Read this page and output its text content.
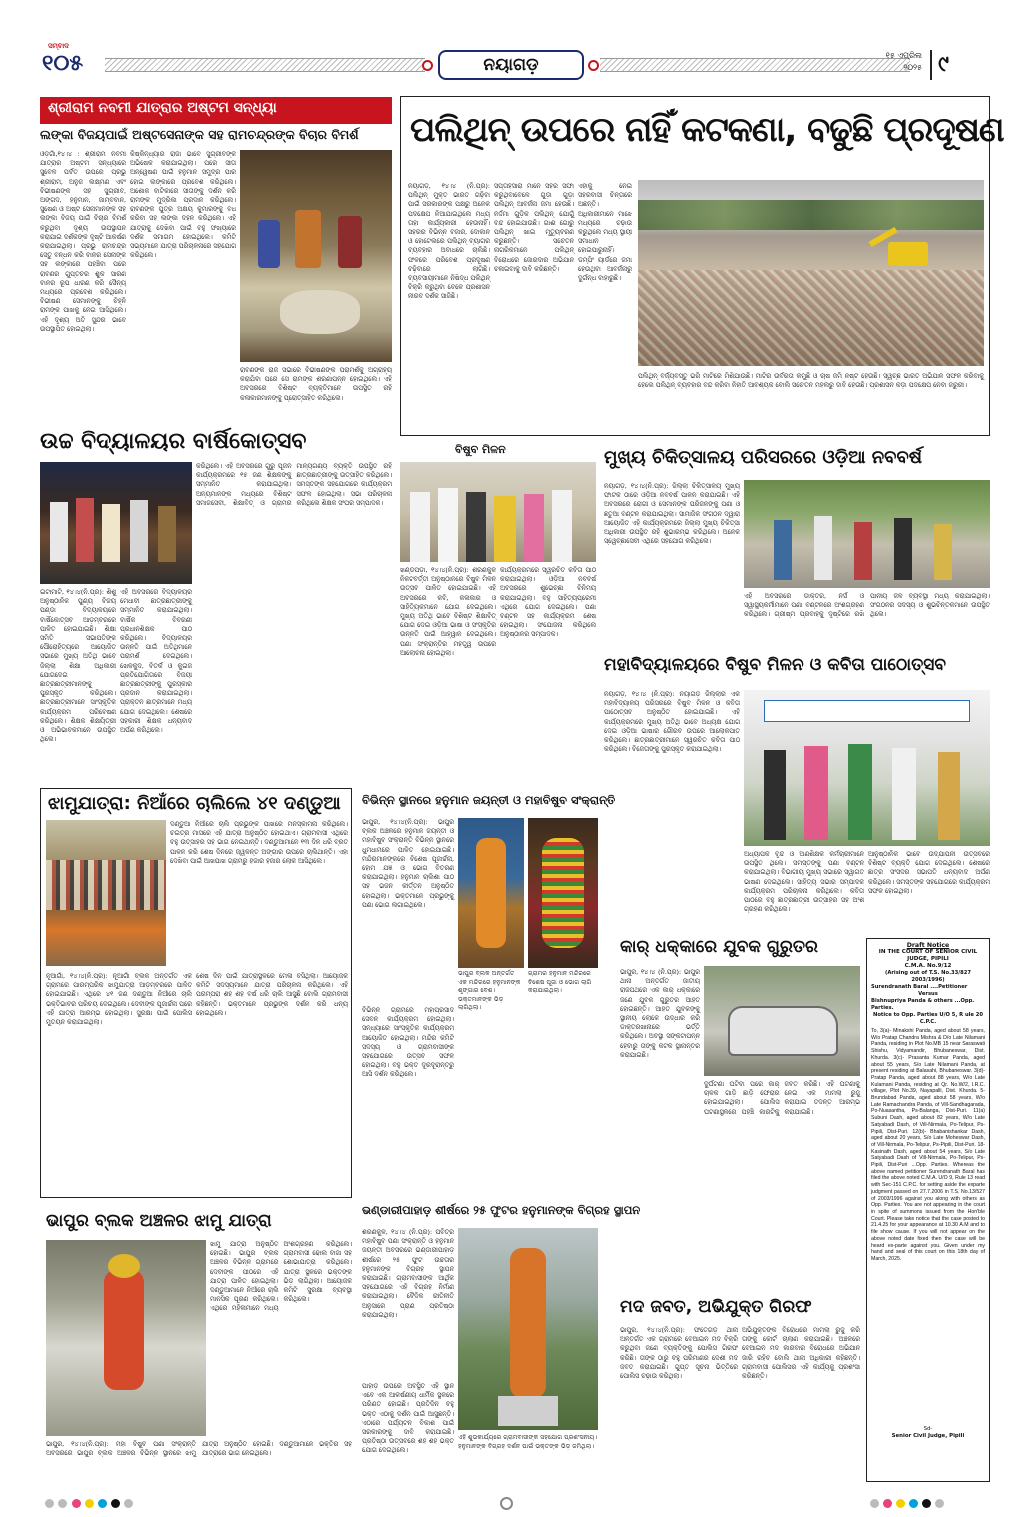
ସମ୍ବାଦ
୧୦୫	ନୟାଗଡ଼	୧୫ ଏପ୍ରିଲ
୨୦୨୫ ୯
ଶ୍ରୀରାମ ନବମୀ ଯାତ୍ରାର ଅଷ୍ଟମ ସନ୍ଧ୍ୟା
ଲଙ୍କା ବିଜୟପାଇଁ ଅଷ୍ଟସେନାଙ୍କ ସହ ରାମଚନ୍ଦ୍ରଙ୍କ ବିଚାର ବିମର୍ଶ
ଓଡ଼ଗାଁ,୧୪।୪ : ଶ୍ରୀରାମ ନବମୀ ଯାତ୍ରାର ଅଷ୍ଟମ ସନ୍ଧ୍ୟାରେ ସୁବେଳ ପର୍ବତ ଉପରେ ପ୍ରଭୁ ଶ୍ରୀରାମ, ଅନୁଜ ଲକ୍ଷ୍ମଣ ଏବଂ ବିଭୀଷଣଙ୍କ ସହ ସୁଗ୍ରୀବ, ଅଙ୍ଗଦ, ହନୁମାନ, ଜାମ୍ବବାନ, ସୁଷେଣ ଓ ଅଷ୍ଟ ସେନାମାନଙ୍କ ସହ ଲଙ୍କା ବିଜୟ ପାଇଁ ବିଚାର ବିମର୍ଶ କରୁଥିବା ଦୃଶ୍ୟ ଉପସ୍ଥାପନ କରାଯାଇ ଦର୍ଶକଙ୍କ ଦୃଷ୍ଟି ଆକର୍ଷଣ କରାଯାଇଥିଲା। ପ୍ରଭୁ ରାମଚନ୍ଦ୍ର ସେତୁ ବନ୍ଧନ କରି ବାନର ସେନାଙ୍କ ସହ ଲଙ୍କାରେ ପହଞ୍ଚିବା ପରେ ରାବଣର ଗୁପ୍ତଚର ଶୁକ ସାରଣ ବାନର ରୂପ ଧାରଣ କରି ସୈନ୍ୟ ମଧ୍ୟରେ ପ୍ରବେଶ କରିଥିଲେ। ବିଭୀଷଣ ସେମାନଙ୍କୁ ଚିହ୍ନି ରାମଙ୍କ ପାଖକୁ ନେଇ ଆସିଥିଲେ। ଏହି ଦୃଶ୍ୟ ଅତି ସୁନ୍ଦର ଭାବେ ଉପସ୍ଥାପିତ ହୋଇଥିଲା।
କିଷ୍କିନ୍ଧ୍ୟାର ରାଜା ଭାବେ ସୁଗ୍ରୀବଙ୍କ ଅଭିଷେକ କରାଯାଇଥିଲା। ପରେ ସୀତା ଅନ୍ୱେଷଣ ପାଇଁ ହନୁମାନ ସମୁଦ୍ର ପାର ହୋଇ ଲଙ୍କାରେ ପ୍ରବେଶ କରିଥିଲେ। ଅଶୋକ ବାଟିକାରେ ସୀତାଙ୍କୁ ଦର୍ଶନ କରି ରାମଙ୍କ ମୁଦ୍ରିକା ପ୍ରଦାନ କରିଥିଲେ। ରାବଣଙ୍କ ପୁତ୍ର ଅକ୍ଷୟ କୁମାରଙ୍କୁ ବଧ କରିବା ସହ ଲଙ୍କା ଦହନ କରିଥିଲେ। ଏହି ଯାତ୍ରାକୁ ଦେଖିବା ପାଇଁ ବହୁ ସଂଖ୍ୟାରେ ଦର୍ଶକ ସମାଗମ ହୋଇଥିଲେ। କମିଟି ସଭ୍ୟମାନେ ଯାତ୍ରା ପରିଚାଳନାରେ ସହଯୋଗ କରିଥିଲେ।
ରାବଣଙ୍କ ରାଜ ସଭାରେ ବିଭୀଷଣଙ୍କ ପରାମର୍ଶକୁ ଅଗ୍ରାହ୍ୟ କରାଯିବା ପରେ ସେ ରାମଙ୍କ ଶରଣାପନ୍ନ ହୋଇଥିଲେ। ଏହି ଅବସରରେ ବିଶିଷ୍ଟ ବ୍ୟକ୍ତିମାନେ ଉପସ୍ଥିତ ରହି କଳାକାରମାନଙ୍କୁ ପ୍ରୋତ୍ସାହିତ କରିଥିଲେ।
ପଲିଥିନ୍ ଉପରେ ନାହିଁ କଟକଣା, ବଢୁଛି ପ୍ରଦୂଷଣ
ନୟାଗଡ଼, ୧୪।୪ (ନି.ପ୍ର): ପଲିଥିନ୍ ମୁକ୍ତ ଭାରତ ଗଢ଼ିବା ପାଇଁ ସରକାରଙ୍କ ପକ୍ଷରୁ ଅନେକ ପଦକ୍ଷେପ ନିଆଯାଇଥିଲେ ମଧ୍ୟ ତାହା କାର୍ଯ୍ୟକାରୀ ହେଉନାହିଁ। ସହରର ବିଭିନ୍ନ ବଜାର, ଦୋକାନ ଓ ହୋଟେଲରେ ପଲିଥିନ୍ ବ୍ୟାଗର ବ୍ୟବହାର ଅବାଧରେ ଚାଲିଛି। ଫଳରେ ପରିବେଶ ପ୍ରଦୂଷଣ ବଢ଼ିବାରେ ଲାଗିଛି। ବ୍ୟବସାୟୀମାନେ ନିଷିଦ୍ଧ ପଲିଥିନ୍ ବିକ୍ରି କରୁଥିବା ବେଳେ ପ୍ରଶାସନ ନୀରବ ଦର୍ଶକ ସାଜିଛି।
ସପ୍ତାହସାରା ମାନେ ସହର ସଫା କରୁଥିବାବେଳେ ଗୁଡ଼ା ଗୁଡ଼ା ପଲିଥିନ୍ ଆବର୍ଜନା ଜମା ହେଉଛି। ନର୍ଦ୍ଦମା ଗୁଡ଼ିକ ପଲିଥିନ୍ ଯୋଗୁଁ ବନ୍ଦ ହୋଇଯାଉଛି। ଗାଈ ଗୋରୁ ପଲିଥିନ୍ ଖାଇ ମୃତ୍ୟୁବରଣ କରୁଛନ୍ତି। ସଚେତନ ନାଗରିକମାନେ ପଲିଥିନ୍ ବିରୋଧରେ ଜୋରଦାର ଅଭିଯାନ ଚଳାଇବାକୁ ଦାବି କରିଛନ୍ତି।
ଏହାକୁ ନେଇ ସହରବାସୀ ଚିନ୍ତାରେ ଅଛନ୍ତି। ଅଧିକାରୀମାନେ ମାଝେ ମଧ୍ୟରେ ଚଢ଼ାଉ କରୁଥିଲେ ମଧ୍ୟ ସ୍ଥାୟୀ ସମାଧାନ ହୋଇପାରୁନାହିଁ। ଡମ୍ପିଂ ୟାର୍ଡରେ ଜମା ହେଉଥିବା ଆବର୍ଜନାରୁ ଦୁର୍ଗନ୍ଧ ବାହାରୁଛି।
ପଲିଥିନ୍ ବର୍ଜ୍ୟବସ୍ତୁ ଭରି ମାଟିରେ ମିଶିଯାଉଛି। ମାଟିର ଉର୍ବରତା କମୁଛି ଓ ଚାଷ ଜମି ନଷ୍ଟ ହେଉଛି। ସ୍ୱଚ୍ଛ ଭାରତ ଅଭିଯାନ ସଫଳ କରିବାକୁ ହେଲେ ପଲିଥିନ୍ ବ୍ୟବହାର ବନ୍ଦ କରିବା ନିହାତି ଆବଶ୍ୟକ ବୋଲି ସଚେତନ ମହଲରୁ ଦାବି ହେଉଛି। ପ୍ରଶାସନ କଡ଼ା ପଦକ୍ଷେପ ନେବା ଜରୁରୀ।
ଉଚ୍ଚ ବିଦ୍ୟାଳୟର ବାର୍ଷିକୋତ୍ସବ
ଇଟାମାଟି, ୧୪।୪(ନି.ପ୍ର): ଶିଶୁ ଅନୁଷ୍ଠାନିକ ପୁଣ୍ୟ ବିଜୟ ପଣ୍ଡା ବିଦ୍ୟାଳୟରେ ବାର୍ଷିକୋତ୍ସବ ଆଡ଼ମ୍ବରରେ ପାଳିତ ହୋଇଯାଇଛି। ଶିକ୍ଷା ସମିତି ସଭାପତିଙ୍କ ପୌରୋହିତ୍ୟରେ ଆୟୋଜିତ ସଭାରେ ମୁଖ୍ୟ ଅତିଥି ଭାବେ ଜିଲ୍ଲା ଶିକ୍ଷା ଅଧିକାରୀ ଯୋଗଦେଇ ଛାତ୍ରଛାତ୍ରୀମାନଙ୍କୁ ପୁରସ୍କୃତ କରିଥିଲେ। ଛାତ୍ରଛାତ୍ରୀମାନେ ସାଂସ୍କୃତିକ କାର୍ଯ୍ୟକ୍ରମ ପରିବେଷଣ କରିଥିଲେ। ଶିକ୍ଷକ ଶିକ୍ଷୟିତ୍ରୀ ଓ ଅଭିଭାବକମାନେ ଉପସ୍ଥିତ ଥିଲେ।
ଏହି ଅବସରରେ ବିଦ୍ୟାଳୟର ମେଧାବୀ ଛାତ୍ରଛାତ୍ରୀଙ୍କୁ ସମ୍ମାନିତ କରାଯାଇଥିଲା। ବାର୍ଷିକ ବିବରଣୀ ପ୍ରଧାନଶିକ୍ଷକ ପାଠ କରିଥିଲେ। ବିଦ୍ୟାଳୟର ଉନ୍ନତି ପାଇଁ ଅତିଥିମାନେ ପରାମର୍ଶ ଦେଇଥିଲେ। ଖେଳକୁଦ, ବିତର୍କ ଓ କୁଇଜ ପ୍ରତିଯୋଗିତାରେ ବିଜୟୀ ଛାତ୍ରଛାତ୍ରୀଙ୍କୁ ପୁରସ୍କାର ପ୍ରଦାନ କରାଯାଇଥିଲା। ପ୍ରାକ୍ତନ ଛାତ୍ରମାନେ ମଧ୍ୟ ଯୋଗ ଦେଇଥିଲେ। ଶେଷରେ ସହକାରୀ ଶିକ୍ଷକ ଧନ୍ୟବାଦ ଅର୍ପଣ କରିଥିଲେ।
କରିଥିଲେ। ଏହି ଅବସରରେ ଗୁରୁ ପୂଜନ କାର୍ଯ୍ୟକ୍ରମରେ ୧୫ ଜଣ ଶିକ୍ଷକଙ୍କୁ ସମ୍ମାନିତ କରାଯାଇଥିଲା। ଅନ୍ୟମାନଙ୍କ ମଧ୍ୟରେ ବିଶିଷ୍ଟ ସମାଜସେବୀ, ଶିକ୍ଷାବିତ୍ ଓ ଗ୍ରାମର ମାନ୍ୟଗଣ୍ୟ ବ୍ୟକ୍ତି ଉପସ୍ଥିତ ରହି ଛାତ୍ରଛାତ୍ରୀଙ୍କୁ ଉତ୍ସାହିତ କରିଥିଲେ। ସମସ୍ତଙ୍କ ସହଯୋଗରେ କାର୍ଯ୍ୟକ୍ରମ ସଫଳ ହୋଇଥିଲା। ସଭା ପରିଚାଳନା କରିଥିଲେ ଶିକ୍ଷକ ସଂଘର ସମ୍ପାଦକ।
ବିଷୁବ ମିଳନ
ଖଣ୍ଡପଡ଼ା, ୧୪।୪(ନି.ପ୍ର): ଶରଣକୁଳ ନିକଟବର୍ତ୍ତୀ ଅନୁଷ୍ଠାନରେ ବିଷୁବ ମିଳନ ଉତ୍ସବ ପାଳିତ ହୋଇଯାଇଛି। ଏହି ଅବସରରେ କବି, କଳାକାର ଓ ସାହିତ୍ୟିକମାନେ ଯୋଗ ଦେଇଥିଲେ। ମୁଖ୍ୟ ଅତିଥି ଭାବେ ବିଶିଷ୍ଟ ଶିକ୍ଷାବିତ୍ ଯୋଗ ଦେଇ ଓଡ଼ିଆ ଭାଷା ଓ ସଂସ୍କୃତିର ଉନ୍ନତି ପାଇଁ ଆହ୍ୱାନ ଦେଇଥିଲେ। ପଣା ସଂକ୍ରାନ୍ତିର ମହତ୍ତ୍ୱ ଉପରେ ଆଲୋଚନା ହୋଇଥିଲା।
କାର୍ଯ୍ୟକ୍ରମରେ ସ୍ୱରଚିତ କବିତା ପାଠ କରାଯାଇଥିଲା। ଓଡ଼ିଆ ନବବର୍ଷ ଅବସରରେ ଶୁଭେଚ୍ଛା ବିନିମୟ କରାଯାଇଥିଲା। ବହୁ ସାହିତ୍ୟପ୍ରେମୀ ଏଥିରେ ଯୋଗ ଦେଇଥିଲେ। ପଣା ବଣ୍ଟନ ସହ କାର୍ଯ୍ୟକ୍ରମ ଶେଷ ହୋଇଥିଲା। ସଂଯୋଜନା କରିଥିଲେ ଅନୁଷ୍ଠାନର ସମ୍ପାଦକ।
ମୁଖ୍ୟ ଚିକିତ୍ସାଳୟ ପରିସରରେ ଓଡ଼ିଆ ନବବର୍ଷ
ନୟାଗଡ଼, ୧୪।୪(ନି.ପ୍ର): ଜିଲ୍ଲା ଚିକିତ୍ସାଳୟ ମୁଖ୍ୟ ଫାଟକ ଠାରେ ଓଡ଼ିଆ ନବବର୍ଷ ପାଳନ କରାଯାଇଛି। ଏହି ଅବସରରେ ରୋଗୀ ଓ ସେମାନଙ୍କ ପରିଜନଙ୍କୁ ପଣା ଓ ଛତୁଆ ବଣ୍ଟନ କରାଯାଇଥିଲା। ସାମାଜିକ ସଂଗଠନ ଦ୍ୱାରା ଆୟୋଜିତ ଏହି କାର୍ଯ୍ୟକ୍ରମରେ ଜିଲ୍ଲା ମୁଖ୍ୟ ଚିକିତ୍ସା ଅଧିକାରୀ ଉପସ୍ଥିତ ରହି ଶୁଭାରମ୍ଭ କରିଥିଲେ। ଅନେକ ସ୍ୱେଚ୍ଛାସେବୀ ଏଥିରେ ସହଯୋଗ କରିଥିଲେ।
ଏହି ଅବସରରେ ଡାକ୍ତର, ନର୍ସ ଓ ସ୍ୱାସ୍ଥ୍ୟକର୍ମୀମାନେ ପଣା ବଣ୍ଟନରେ ଅଂଶଗ୍ରହଣ କରିଥିଲେ। ଗ୍ରୀଷ୍ମ ପ୍ରବାହକୁ ଦୃଷ୍ଟିରେ ରଖି ପାନୀୟ ଜଳ ବ୍ୟବସ୍ଥା ମଧ୍ୟ କରାଯାଇଥିଲା। ସଂଗଠନର ସଦସ୍ୟ ଓ ଶୁଭଚିନ୍ତକମାନେ ଉପସ୍ଥିତ ଥିଲେ।
ମହାବିଦ୍ୟାଳୟରେ ବିଷୁବ ମିଳନ ଓ କବିତା ପାଠୋତ୍ସବ
ନୟାଗଡ଼, ୧୪।୪ (ନି.ପ୍ର): ନୟାଗଡ଼ ଜିଲ୍ଲାର ଏକ ମହାବିଦ୍ୟାଳୟ ପରିସରରେ ବିଷୁବ ମିଳନ ଓ କବିତା ପାଠୋତ୍ସବ ଅନୁଷ୍ଠିତ ହୋଇଯାଇଛି। ଏହି କାର୍ଯ୍ୟକ୍ରମରେ ମୁଖ୍ୟ ଅତିଥି ଭାବେ ଅଧ୍ୟକ୍ଷ ଯୋଗ ଦେଇ ଓଡ଼ିଆ ଭାଷାର ଗୌରବ ଉପରେ ଆଲୋକପାତ କରିଥିଲେ। ଛାତ୍ରଛାତ୍ରୀମାନେ ସ୍ୱରଚିତ କବିତା ପାଠ କରିଥିଲେ। ବିଜେତାଙ୍କୁ ପୁରସ୍କୃତ କରାଯାଇଥିଲା।
ଅଧ୍ୟାପକ ବୃନ୍ଦ ଓ ଅଣଶିକ୍ଷକ କର୍ମଚାରୀମାନେ ଉପସ୍ଥିତ ଥିଲେ। ସମସ୍ତଙ୍କୁ ପଣା ବଣ୍ଟନ କରାଯାଇଥିଲା। ବିଭାଗୀୟ ମୁଖ୍ୟ ସଭାରେ ସ୍ୱାଗତ ଭାଷଣ ଦେଇଥିଲେ। ସାହିତ୍ୟ ସଭାର ସମ୍ପାଦକ କାର୍ଯ୍ୟକ୍ରମ ପରିଚାଳନା କରିଥିଲେ। କବିତା ପାଠରେ ବହୁ ଛାତ୍ରଛାତ୍ରୀ ଉତ୍ସାହର ସହ ଅଂଶ ଗ୍ରହଣ କରିଥିଲେ।
ଆନୁଷ୍ଠାନିକ ଭାବେ ଉଦ୍‌ଯାପନୀ ଉତ୍ସବରେ ବିଶିଷ୍ଟ ବ୍ୟକ୍ତି ଯୋଗ ଦେଇଥିଲେ। ଶେଷରେ ଛାତ୍ର ସଂସଦର ସଭାପତି ଧନ୍ୟବାଦ ଅର୍ପଣ କରିଥିଲେ। ସମସ୍ତଙ୍କ ସହଯୋଗରେ କାର୍ଯ୍ୟକ୍ରମ ସଫଳ ହୋଇଥିଲା।
ଝାମୁଯାତ୍ରା: ନିଆଁରେ ଚାଲିଲେ ୪୧ ଦଣ୍ଡୁଆ
ଦଣ୍ଡୁଆ ନିଆଁରେ ଚାଲି ପ୍ରଭୁଙ୍କ ପାଖରେ ମନସ୍କାମନା କରିଥିଲେ। ଚଇତ୍ର ମାସରେ ଏହି ଯାତ୍ରା ଅନୁଷ୍ଠିତ ହୋଇଥାଏ। ଗ୍ରାମବାସୀ ଏଥିରେ ବହୁ ଉତ୍ସାହର ସହ ଭାଗ ନେଇଥାନ୍ତି। ଦଣ୍ଡୁଆମାନେ ୧୩ ଦିନ ଧରି ବ୍ରତ ପାଳନ କରି ଶେଷ ଦିନରେ ଜ୍ୱଳନ୍ତ ଅଙ୍ଗାର ଉପରେ ଚାଲିଥାନ୍ତି। ଏହା ଦେଖିବା ପାଇଁ ଆଖପାଖ ଗ୍ରାମରୁ ହଜାର ହଜାର ଲୋକ ଆସିଥିଲେ।
ନୂଆଗାଁ, ୧୪।୪(ନି.ପ୍ର): ନୂଆଗାଁ ବ୍ଲକ ଅନ୍ତର୍ଗତ ଏକ ଗ୍ରାମରେ ପାରମ୍ପରିକ ଝାମୁଯାତ୍ରା ଆଡ଼ମ୍ବରରେ ପାଳିତ ହୋଇଯାଇଛି। ଏଥିରେ ୪୧ ଜଣ ଦଣ୍ଡୁଆ ନିଆଁରେ ଚାଲି ଭକ୍ତିଭାବର ପରିଚୟ ଦେଇଥିଲେ। ଦେବୀଙ୍କ ପୂଜାର୍ଚ୍ଚନା ପରେ ଏହି ଯାତ୍ରା ଆରମ୍ଭ ହୋଇଥିଲା। ସୁରକ୍ଷା ପାଇଁ ପୋଲିସ ମୁତୟନ କରାଯାଇଥିଲା।
ଶେଷ ଦିନ ପାଇଁ ଯାତ୍ରାସ୍ଥଳରେ ମେଳା ବସିଥିଲା। ଆୟୋଜକ କମିଟି ସଦସ୍ୟମାନେ ଯାତ୍ରା ପରିଚାଳନା କରିଥିଲେ। ଏହି ପରମ୍ପରା ଶହ ଶହ ବର୍ଷ ଧରି ଚାଲି ଆସୁଛି ବୋଲି ଗ୍ରାମବାସୀ କହିଛନ୍ତି। ଭକ୍ତମାନେ ପ୍ରଭୁଙ୍କ ଦର୍ଶନ କରି ଧନ୍ୟ ହୋଇଥିଲେ।
ବିଭିନ୍ନ ସ୍ଥାନରେ ହନୁମାନ ଜୟନ୍ତୀ ଓ ମହାବିଷୁବ ସଂକ୍ରାନ୍ତି
ଭାପୁର, ୧୪।୪(ନି.ପ୍ର): ଭାପୁର ବ୍ଲକ ଅଞ୍ଚଳରେ ହନୁମାନ ଜୟନ୍ତୀ ଓ ମହାବିଷୁବ ସଂକ୍ରାନ୍ତି ବିଭିନ୍ନ ସ୍ଥାନରେ ଧୁମଧାମରେ ପାଳିତ ହୋଇଯାଇଛି। ମନ୍ଦିରମାନଙ୍କରେ ବିଶେଷ ପୂଜାର୍ଚ୍ଚନା, ହୋମ ଯଜ୍ଞ ଓ ଭୋଗ ବିତରଣ କରାଯାଇଥିଲା। ହନୁମାନ ଚାଲିଶା ପାଠ ସହ ଭଜନ କୀର୍ତ୍ତନ ଅନୁଷ୍ଠିତ ହୋଇଥିଲା। ଭକ୍ତମାନେ ପ୍ରଭୁଙ୍କୁ ପଣା ଭୋଗ ଲଗାଇଥିଲେ।
ବିଭିନ୍ନ ଗ୍ରାମରେ ମହାପ୍ରସାଦ ସେବନ କାର୍ଯ୍ୟକ୍ରମ ହୋଇଥିଲା। ସନ୍ଧ୍ୟାରେ ସାଂସ୍କୃତିକ କାର୍ଯ୍ୟକ୍ରମ ଆୟୋଜିତ ହୋଇଥିଲା। ମନ୍ଦିର କମିଟି ସଦସ୍ୟ ଓ ଗ୍ରାମବାସୀଙ୍କ ସହଯୋଗରେ ଉତ୍ସବ ସଫଳ ହୋଇଥିଲା। ବହୁ ଭକ୍ତ ଦୂରଦୂରାନ୍ତରୁ ଆସି ଦର୍ଶନ କରିଥିଲେ।
ଭାପୁର ବ୍ଲକ ଅନ୍ତର୍ଗତ ଏକ ମନ୍ଦିରରେ ହନୁମାନଙ୍କ ଶୃଙ୍ଗାର ବେଶ। ଭକ୍ତମାନଙ୍କ ଭିଡ଼ ଲାଗିଥିଲା।
ଗ୍ରାମର ହନୁମାନ ମନ୍ଦିରରେ ବିଶେଷ ପୂଜା ଓ ଭୋଗ ଲାଗି କରାଯାଇଥିଲା।
ଭଣ୍ଡାରୀପାହାଡ଼ ଶୀର୍ଷରେ ୨୫ ଫୁଟର ହନୁମାନଙ୍କ ବିଗ୍ରହ ସ୍ଥାପନ
ଶରଣକୁଳ, ୧୪।୪ (ନି.ପ୍ର): ପବିତ୍ର ମହାବିଷୁବ ପଣା ସଂକ୍ରାନ୍ତି ଓ ହନୁମାନ ଜୟନ୍ତୀ ଅବସରରେ ଭଣ୍ଡାରୀପାହାଡ଼ ଶୀର୍ଷରେ ୨୫ ଫୁଟ ଉଚ୍ଚତାର ହନୁମାନଙ୍କ ବିଗ୍ରହ ସ୍ଥାପନ କରାଯାଇଛି। ଗ୍ରାମବାସୀଙ୍କ ଆର୍ଥିକ ସହଯୋଗରେ ଏହି ବିଗ୍ରହ ନିର୍ମାଣ କରାଯାଇଥିଲା। ବୈଦିକ ରୀତିନୀତି ଅନୁସାରେ ପ୍ରାଣ ପ୍ରତିଷ୍ଠା କରାଯାଇଥିଲା।
ପାହାଡ଼ ଉପରେ ଅବସ୍ଥିତ ଏହି ସ୍ଥାନ ଏବେ ଏକ ଆକର୍ଷଣୀୟ ଧାର୍ମିକ ସ୍ଥଳରେ ପରିଣତ ହୋଇଛି। ପ୍ରତିଦିନ ବହୁ ଭକ୍ତ ଏଠାକୁ ଦର୍ଶନ ପାଇଁ ଆସୁଛନ୍ତି। ଏଠାରେ ପର୍ଯ୍ୟଟନ ବିକାଶ ପାଇଁ ସରକାରଙ୍କୁ ଦାବି କରାଯାଇଛି। ପ୍ରତିଷ୍ଠା ଉତ୍ସବରେ ଶହ ଶହ ଭକ୍ତ ଯୋଗ ଦେଇଥିଲେ।
ଏହି ଶୁଭକାର୍ଯ୍ୟରେ ଗ୍ରାମବାସୀଙ୍କ ସହଯୋଗ ପ୍ରଶଂସନୀୟ। ହନୁମାନଙ୍କ ବିଗ୍ରହ ଦର୍ଶନ ପାଇଁ ଭକ୍ତଙ୍କ ଭିଡ଼ ଜମିଥିଲା।
ଭାପୁର ବ୍ଲକ ଅଞ୍ଚଳର ଝାମୁ ଯାତ୍ରା
ଝାମୁ ଯାତ୍ରା ଅନୁଷ୍ଠିତ ହୋଇଛି। ଭାପୁର ବ୍ଲକ ଅଞ୍ଚଳର ବିଭିନ୍ନ ଗ୍ରାମରେ ଦେବୀଙ୍କ ପୀଠରେ ଏହି ଯାତ୍ରା ପାଳିତ ହୋଇଥିଲା। ଦଣ୍ଡୁଆମାନେ ନିଆଁରେ ଚାଲି ମାନସିକ ପୂରଣ କରିଥିଲେ। ଏଥିରେ ମହିଳାମାନେ ମଧ୍ୟ ଅଂଶଗ୍ରହଣ କରିଥିଲେ। ଗ୍ରାମବାସୀ ଢୋଲ ବାଜା ସହ ଶୋଭାଯାତ୍ରା କରିଥିଲେ। ଯାତ୍ରା ସ୍ଥଳରେ ଭକ୍ତଙ୍କ ଭିଡ଼ ଲାଗିଥିଲା। ଆୟୋଜକ କମିଟି ସୁରକ୍ଷା ବ୍ୟବସ୍ଥା କରିଥିଲେ।
ଭାପୁର, ୧୪।୪(ନି.ପ୍ର): ମହା ବିଷୁବ ପଣା ସଂକ୍ରାନ୍ତି ଅବସରରେ ଭାପୁର ବ୍ଲକ ଅଞ୍ଚଳର ବିଭିନ୍ନ ସ୍ଥାନରେ ଝାମୁ ଯାତ୍ରା ଅନୁଷ୍ଠିତ ହୋଇଛି। ଦଣ୍ଡୁଆମାନେ ଭକ୍ତିର ସହ ଯାତ୍ରାରେ ଭାଗ ନେଇଥିଲେ।
କାର୍ ଧକ୍କାରେ ଯୁବକ ଗୁରୁତର
ଭାପୁର, ୧୪।୪ (ନି.ପ୍ର): ଭାପୁର ଥାନା ଅନ୍ତର୍ଗତ ଜାତୀୟ ରାଜପଥରେ ଏକ କାର୍ ଧକ୍କାରେ ଜଣେ ଯୁବକ ଗୁରୁତର ଆହତ ହୋଇଛନ୍ତି। ଆହତ ଯୁବକଙ୍କୁ ସ୍ଥାନୀୟ ଲୋକେ ଉଦ୍ଧାର କରି ଡାକ୍ତରଖାନାରେ ଭର୍ତ୍ତି କରିଥିଲେ। ଅବସ୍ଥା ସଙ୍କଟାପନ୍ନ ହେବାରୁ ତାଙ୍କୁ କଟକ ସ୍ଥାନାନ୍ତର କରାଯାଇଛି।
ଦୁର୍ଘଟଣା ଘଟିବା ପରେ କାର୍ ଚାଳକ ଗାଡ଼ି ଛାଡ଼ି ଫେରାର ହୋଇଯାଇଥିଲା। ପୋଲିସ ଘଟଣାସ୍ଥଳରେ ପହଞ୍ଚି କାରଟିକୁ ଜବତ କରିଛି। ଏହି ଘଟଣାକୁ ନେଇ ଏକ ମାମଲା ରୁଜୁ କରାଯାଇ ତଦନ୍ତ ଆରମ୍ଭ କରାଯାଇଛି।
ମଦ ଜବତ, ଅଭିଯୁକ୍ତ ଗିରଫ
ଭାପୁର, ୧୪।୪(ନି.ପ୍ର): ଫତେଗଡ଼ ଥାନା ଅନ୍ତର୍ଗତ ଏକ ଗ୍ରାମରେ ବେଆଇନ ମଦ ବିକ୍ରି କରୁଥିବା ଜଣେ ବ୍ୟକ୍ତିଙ୍କୁ ପୋଲିସ ଗିରଫ କରିଛି। ତାଙ୍କ ଠାରୁ ବହୁ ପରିମାଣର ଦେଶୀ ମଦ ଜବତ କରାଯାଇଛି। ଗୁପ୍ତ ସୂଚନା ଭିତ୍ତିରେ ପୋଲିସ ଚଢ଼ାଉ କରିଥିଲା।
ଅଭିଯୁକ୍ତଙ୍କ ବିରୋଧରେ ମାମଲା ରୁଜୁ କରି ତାଙ୍କୁ କୋର୍ଟ ଚାଲାଣ କରାଯାଇଛି। ଅଞ୍ଚଳରେ ବେଆଇନ ମଦ କାରବାର ବିରୋଧରେ ଅଭିଯାନ ଜାରି ରହିବ ବୋଲି ଥାନା ଅଧିକାରୀ କହିଛନ୍ତି। ଗ୍ରାମବାସୀ ପୋଲିସର ଏହି କାର୍ଯ୍ୟକୁ ପ୍ରଶଂସା କରିଛନ୍ତି।
Draft Notice
IN THE COURT OF SENIOR CIVIL JUDGE, PIPILI
C.M.A. No.9/12
(Arising out of T.S. No.33/827 2003/1996)
Surendranath Baral ....Petitioner
Versus
Bishnupriya Panda & others ...Opp. Parties.
Notice to Opp. Parties U/O 5, R ule 20 C.P.C.
To, 3(a)- Minakshi Panda, aged about 58 years, W/o Pratap Chandra Mishra & D/o Late Nilamani Panda, residing in Plot No.MB 15 near Saraswati Shishu, Vidyamandir, Bhubaneswar, Dist. Khurda. 3(c)- Prasanta Kumar Panda, aged about 55 years, S/o Late Nilamani Panda, at present residing at Balasahi, Bhubaneswar. 3(d)- Pratap Panda, aged about 88 years, W/o Late Kulamani Panda, residing at Qr. No.W/2, I.R.C. village, Plot No.39, Nayapalli, Dist. Khurda. 5- Brundabad Panda, aged about 58 years, W/o Late Ramachandra Panda, of Vill-Sandhagarada, Po-Nuasantha, Ps-Balanga, Dist-Puri. 11(a) Subuni Dash, aged about 82 years, W/o Late Satyabadi Dash, of Vill-Nirmala, Po-Telipur, Ps-Pipili, Dist-Puri. 12(b)- Bhabanishankar Dash, aged about 20 years, S/o Late Moheswar Dash, of Vill-Nirmala, Po-Telipur, Ps-Pipili, Dist-Puri. 18- Kasinath Dash, aged about 54 years, S/o Late Satyabadi Dash of Vill-Nirmala, Po-Telipur, Ps-Pipili, Dist-Puri ...Opp. Parties. Whereas the above named petitioner Surendranath Baral has filed the above noted C.M.A. U/O 9, Rule 13 read with Sec-151 C.P.C. for setting aside the exparte judgment passed on 27.7.2006 in T.S. No.13/527 of 2003/1996 against you along with others as Opp. Parties. You are not appearing in the court in spite of summons issued from the Hon'ble Court. Please take notice that the case posted to 21.4.25 for your appearance at 10.30 A.M and to file show cause. If you will not appear on the above noted date fixed then the case will be heard ex-parte against you. Given under my hand and seal of this court on this 18th day of March, 2025.
Sd-
Senior Civil Judge, Pipili
